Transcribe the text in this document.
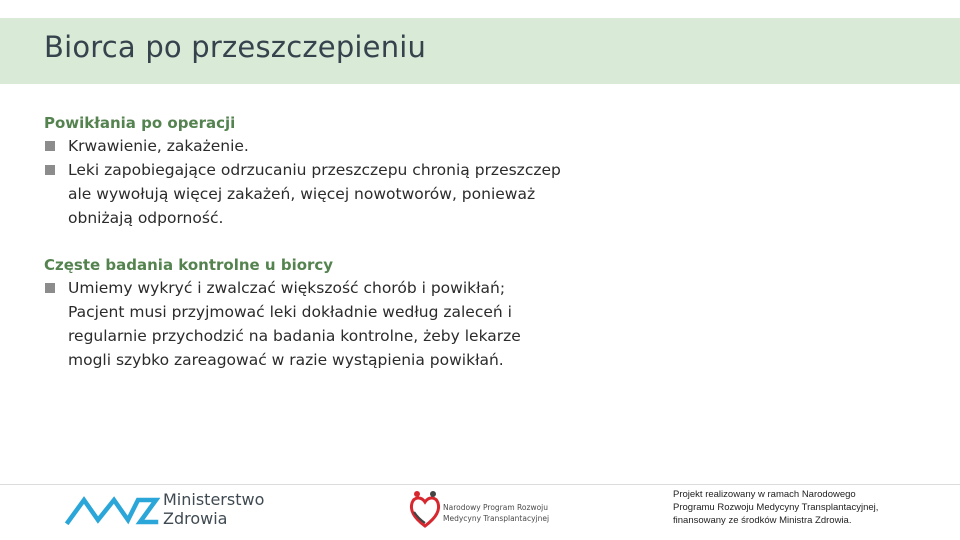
Biorca po przeszczepieniu
Powikłania po operacji
Krwawienie, zakażenie.
Leki zapobiegające odrzucaniu przeszczepu chronią przeszczep ale wywołują więcej zakażeń, więcej nowotworów, ponieważ obniżają odporność.
Częste badania kontrolne u biorcy
Umiemy wykryć i zwalczać większość chorób i powikłań; Pacjent musi przyjmować leki dokładnie według zaleceń i regularnie przychodzić na badania kontrolne, żeby lekarze mogli szybko zareagować w razie wystąpienia powikłań.
Ministerstwo
Zdrowia
Narodowy Program Rozwoju
Medycyny Transplantacyjnej
Projekt realizowany w ramach Narodowego
Programu Rozwoju Medycyny Transplantacyjnej,
finansowany ze środków Ministra Zdrowia.
